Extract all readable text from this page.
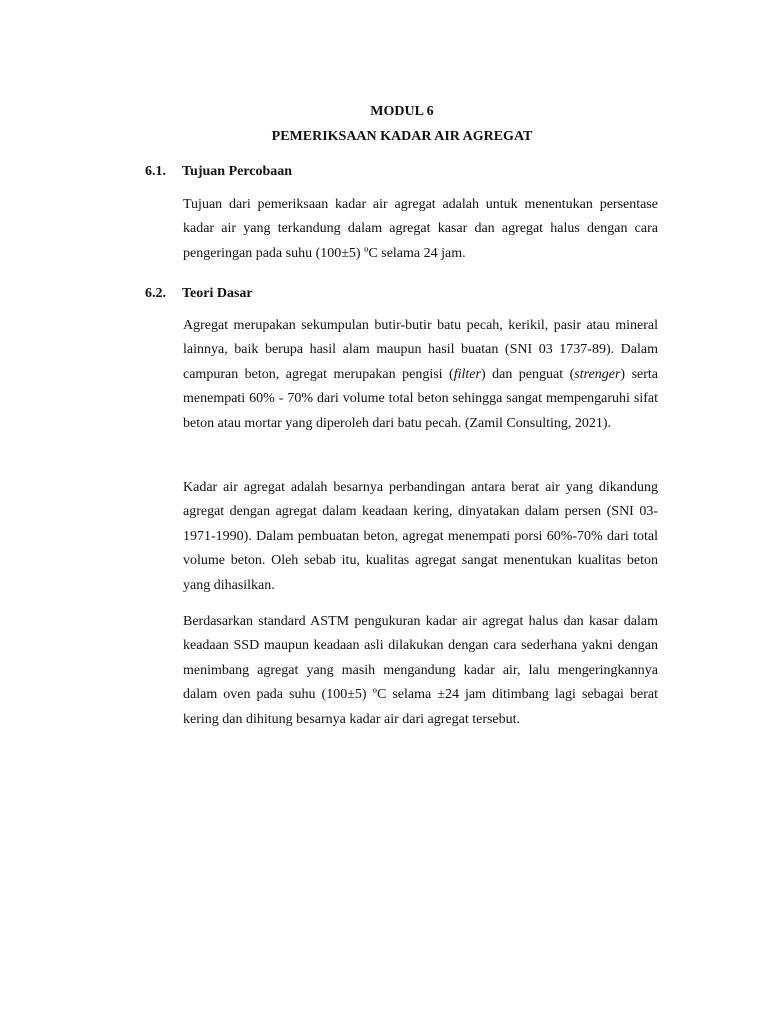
MODUL 6
PEMERIKSAAN KADAR AIR AGREGAT
6.1. Tujuan Percobaan

Tujuan dari pemeriksaan kadar air agregat adalah untuk menentukan persentase kadar air yang terkandung dalam agregat kasar dan agregat halus dengan cara pengeringan pada suhu (100±5) ºC selama 24 jam.

6.2. Teori Dasar

Agregat merupakan sekumpulan butir-butir batu pecah, kerikil, pasir atau mineral lainnya, baik berupa hasil alam maupun hasil buatan (SNI 03 1737-89). Dalam campuran beton, agregat merupakan pengisi (filter) dan penguat (strenger) serta menempati 60% - 70% dari volume total beton sehingga sangat mempengaruhi sifat beton atau mortar yang diperoleh dari batu pecah. (Zamil Consulting, 2021).

Kadar air agregat adalah besarnya perbandingan antara berat air yang dikandung agregat dengan agregat dalam keadaan kering, dinyatakan dalam persen (SNI 03-1971-1990). Dalam pembuatan beton, agregat menempati porsi 60%-70% dari total volume beton. Oleh sebab itu, kualitas agregat sangat menentukan kualitas beton yang dihasilkan.

Berdasarkan standard ASTM pengukuran kadar air agregat halus dan kasar dalam keadaan SSD maupun keadaan asli dilakukan dengan cara sederhana yakni dengan menimbang agregat yang masih mengandung kadar air, lalu mengeringkannya dalam oven pada suhu (100±5) ºC selama ±24 jam ditimbang lagi sebagai berat kering dan dihitung besarnya kadar air dari agregat tersebut.
